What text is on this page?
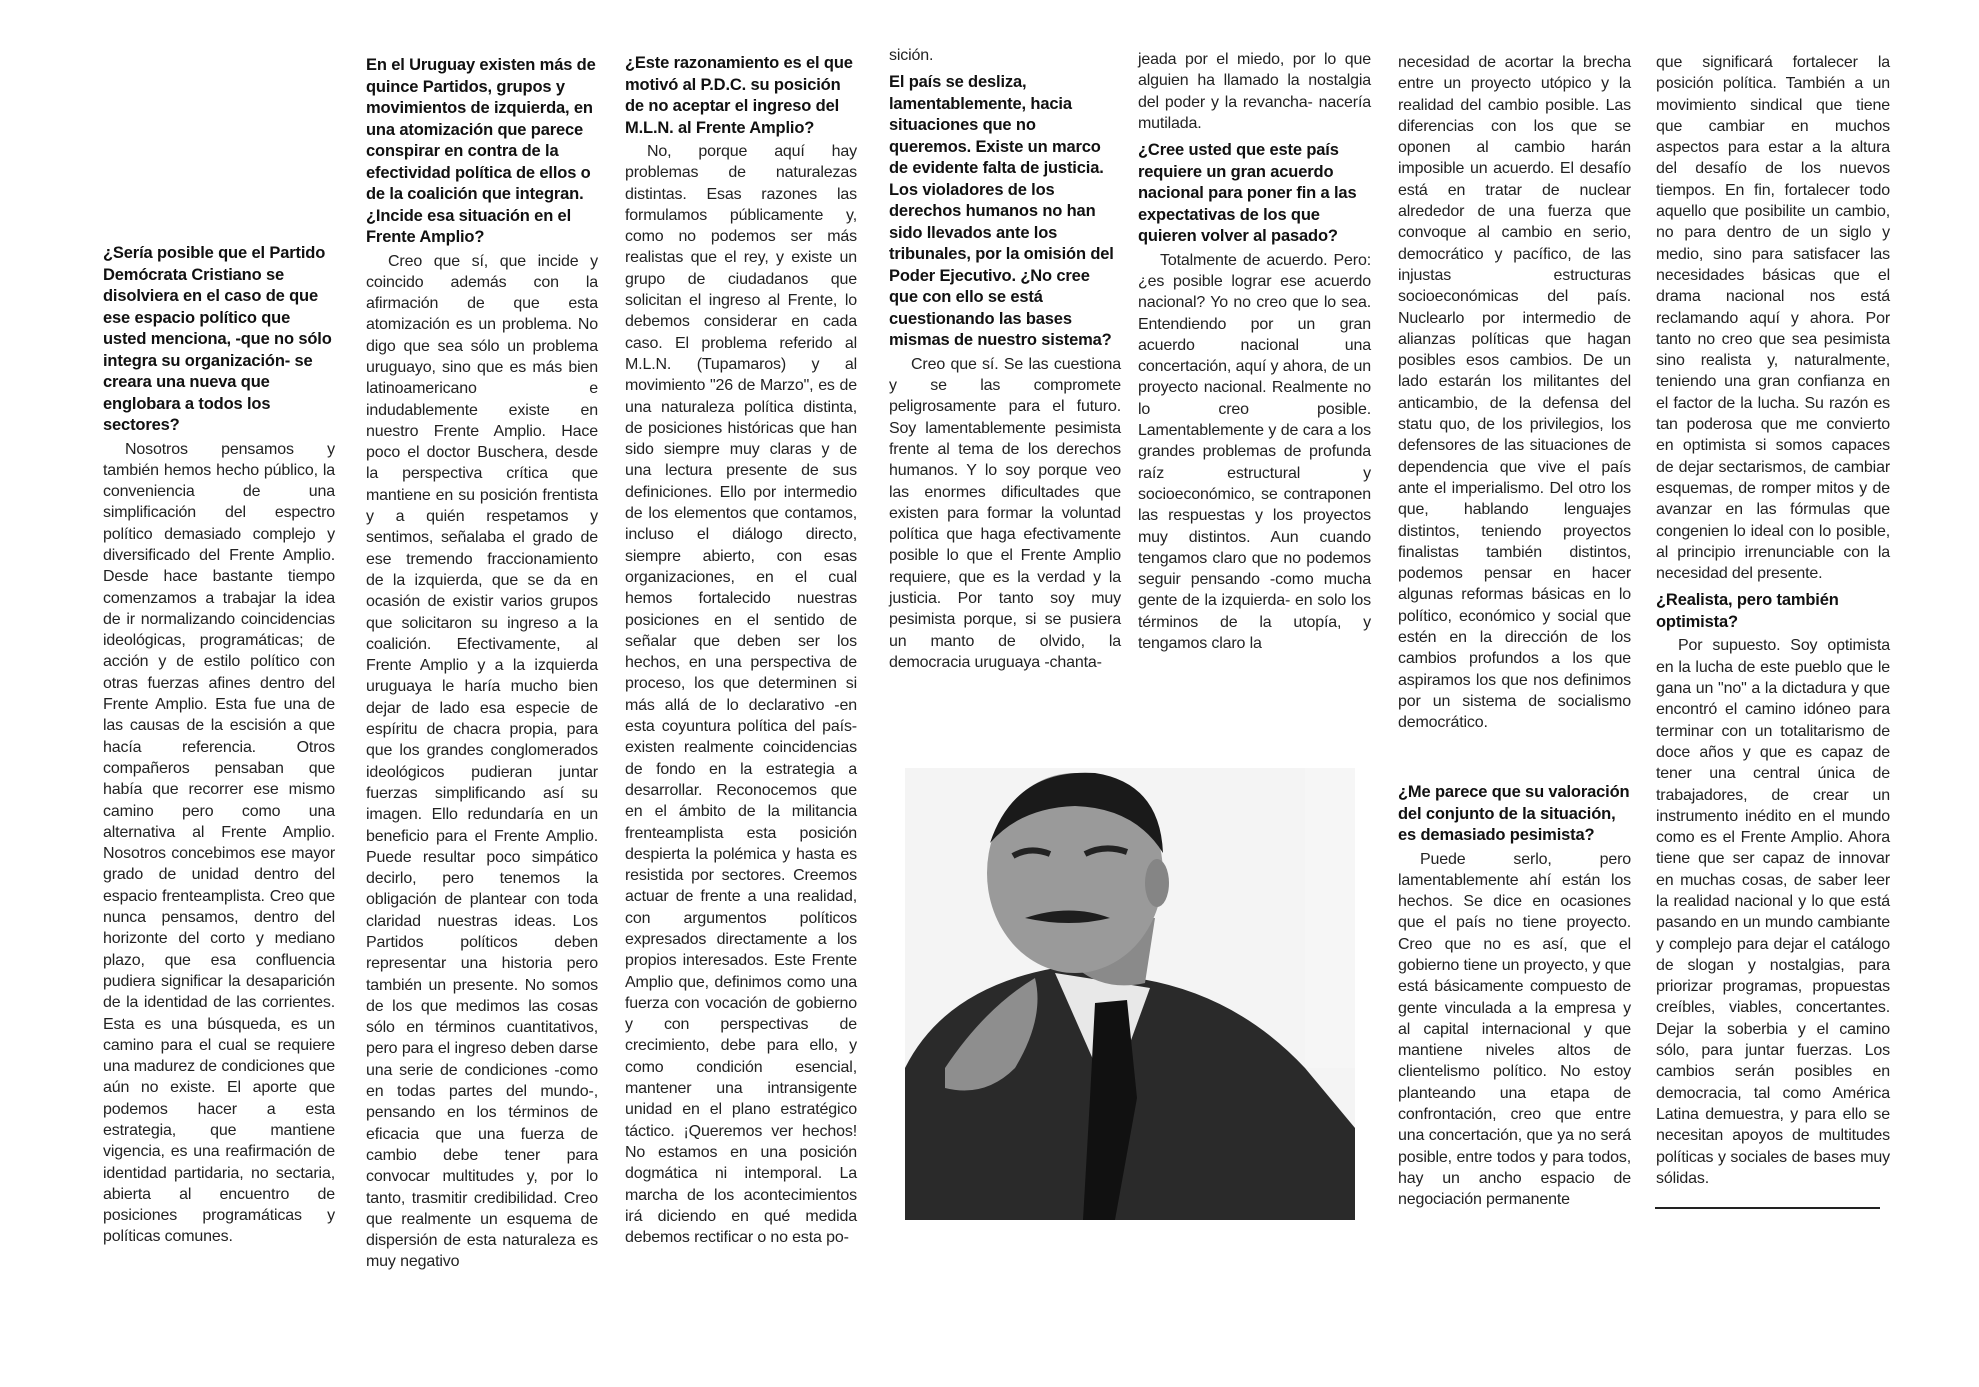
¿Sería posible que el Partido Demócrata Cristiano se disolviera en el caso de que ese espacio político que usted menciona, -que no sólo integra su organización- se creara una nueva que englobara a todos los sectores?

Nosotros pensamos y también hemos hecho público, la conveniencia de una simplificación del espectro político demasiado complejo y diversificado del Frente Amplio. Desde hace bastante tiempo comenzamos a trabajar la idea de ir normalizando coincidencias ideológicas, programáticas; de acción y de estilo político con otras fuerzas afines dentro del Frente Amplio. Esta fue una de las causas de la escisión a que hacía referencia. Otros compañeros pensaban que había que recorrer ese mismo camino pero como una alternativa al Frente Amplio. Nosotros concebimos ese mayor grado de unidad dentro del espacio frenteamplista. Creo que nunca pensamos, dentro del horizonte del corto y mediano plazo, que esa confluencia pudiera significar la desaparición de la identidad de las corrientes. Esta es una búsqueda, es un camino para el cual se requiere una madurez de condiciones que aún no existe. El aporte que podemos hacer a esta estrategia, que mantiene vigencia, es una reafirmación de identidad partidaria, no sectaria, abierta al encuentro de posiciones programáticas y políticas comunes.

En el Uruguay existen más de quince Partidos, grupos y movimientos de izquierda, en una atomización que parece conspirar en contra de la efectividad política de ellos o de la coalición que integran. ¿Incide esa situación en el Frente Amplio?

Creo que sí, que incide y coincido además con la afirmación de que esta atomización es un problema. No digo que sea sólo un problema uruguayo, sino que es más bien latinoamericano e indudablemente existe en nuestro Frente Amplio. Hace poco el doctor Buschera, desde la perspectiva crítica que mantiene en su posición frentista y a quién respetamos y sentimos, señalaba el grado de ese tremendo fraccionamiento de la izquierda, que se da en ocasión de existir varios grupos que solicitaron su ingreso a la coalición. Efectivamente, al Frente Amplio y a la izquierda uruguaya le haría mucho bien dejar de lado esa especie de espíritu de chacra propia, para que los grandes conglomerados ideológicos pudieran juntar fuerzas simplificando así su imagen. Ello redundaría en un beneficio para el Frente Amplio. Puede resultar poco simpático decirlo, pero tenemos la obligación de plantear con toda claridad nuestras ideas. Los Partidos políticos deben representar una historia pero también un presente. No somos de los que medimos las cosas sólo en términos cuantitativos, pero para el ingreso deben darse una serie de condiciones -como en todas partes del mundo-, pensando en los términos de eficacia que una fuerza de cambio debe tener para convocar multitudes y, por lo tanto, trasmitir credibilidad. Creo que realmente un esquema de dispersión de esta naturaleza es muy negativo

¿Este razonamiento es el que motivó al P.D.C. su posición de no aceptar el ingreso del M.L.N. al Frente Amplio?

No, porque aquí hay problemas de naturalezas distintas. Esas razones las formulamos públicamente y, como no podemos ser más realistas que el rey, y existe un grupo de ciudadanos que solicitan el ingreso al Frente, lo debemos considerar en cada caso. El problema referido al M.L.N. (Tupamaros) y al movimiento "26 de Marzo", es de una naturaleza política distinta, de posiciones históricas que han sido siempre muy claras y de una lectura presente de sus definiciones. Ello por intermedio de los elementos que contamos, incluso el diálogo directo, siempre abierto, con esas organizaciones, en el cual hemos fortalecido nuestras posiciones en el sentido de señalar que deben ser los hechos, en una perspectiva de proceso, los que determinen si más allá de lo declarativo -en esta coyuntura política del país- existen realmente coincidencias de fondo en la estrategia a desarrollar. Reconocemos que en el ámbito de la militancia frenteamplista esta posición despierta la polémica y hasta es resistida por sectores. Creemos actuar de frente a una realidad, con argumentos políticos expresados directamente a los propios interesados. Este Frente Amplio que, definimos como una fuerza con vocación de gobierno y con perspectivas de crecimiento, debe para ello, y como condición esencial, mantener una intransigente unidad en el plano estratégico táctico. ¡Queremos ver hechos! No estamos en una posición dogmática ni intemporal. La marcha de los acontecimientos irá diciendo en qué medida debemos rectificar o no esta po-

sición.

El país se desliza, lamentablemente, hacia situaciones que no queremos. Existe un marco de evidente falta de justicia. Los violadores de los derechos humanos no han sido llevados ante los tribunales, por la omisión del Poder Ejecutivo. ¿No cree que con ello se está cuestionando las bases mismas de nuestro sistema?

Creo que sí. Se las cuestiona y se las compromete peligrosamente para el futuro. Soy lamentablemente pesimista frente al tema de los derechos humanos. Y lo soy porque veo las enormes dificultades que existen para formar la voluntad política que haga efectivamente posible lo que el Frente Amplio requiere, que es la verdad y la justicia. Por tanto soy muy pesimista porque, si se pusiera un manto de olvido, la democracia uruguaya -chanta-

jeada por el miedo, por lo que alguien ha llamado la nostalgia del poder y la revancha- nacería mutilada.

¿Cree usted que este país requiere un gran acuerdo nacional para poner fin a las expectativas de los que quieren volver al pasado?

Totalmente de acuerdo. Pero: ¿es posible lograr ese acuerdo nacional? Yo no creo que lo sea. Entendiendo por un gran acuerdo nacional una concertación, aquí y ahora, de un proyecto nacional. Realmente no lo creo posible. Lamentablemente y de cara a los grandes problemas de profunda raíz estructural y socioeconómico, se contraponen las respuestas y los proyectos muy distintos. Aun cuando tengamos claro que no podemos seguir pensando -como mucha gente de la izquierda- en solo los términos de la utopía, y tengamos claro la

necesidad de acortar la brecha entre un proyecto utópico y la realidad del cambio posible. Las diferencias con los que se oponen al cambio harán imposible un acuerdo. El desafío está en tratar de nuclear alrededor de una fuerza que convoque al cambio en serio, democrático y pacífico, de las injustas estructuras socioeconómicas del país. Nuclearlo por intermedio de alianzas políticas que hagan posibles esos cambios. De un lado estarán los militantes del anticambio, de la defensa del statu quo, de los privilegios, los defensores de las situaciones de dependencia que vive el país ante el imperialismo. Del otro los que, hablando lenguajes distintos, teniendo proyectos finalistas también distintos, podemos pensar en hacer algunas reformas básicas en lo político, económico y social que estén en la dirección de los cambios profundos a los que aspiramos los que nos definimos por un sistema de socialismo democrático.

¿Me parece que su valoración del conjunto de la situación, es demasiado pesimista?

Puede serlo, pero lamentablemente ahí están los hechos. Se dice en ocasiones que el país no tiene proyecto. Creo que no es así, que el gobierno tiene un proyecto, y que está básicamente compuesto de gente vinculada a la empresa y al capital internacional y que mantiene niveles altos de clientelismo político. No estoy planteando una etapa de confrontación, creo que entre una concertación, que ya no será posible, entre todos y para todos, hay un ancho espacio de negociación permanente

que significará fortalecer la posición política. También a un movimiento sindical que tiene que cambiar en muchos aspectos para estar a la altura del desafío de los nuevos tiempos. En fin, fortalecer todo aquello que posibilite un cambio, no para dentro de un siglo y medio, sino para satisfacer las necesidades básicas que el drama nacional nos está reclamando aquí y ahora. Por tanto no creo que sea pesimista sino realista y, naturalmente, teniendo una gran confianza en el factor de la lucha. Su razón es tan poderosa que me convierto en optimista si somos capaces de dejar sectarismos, de cambiar esquemas, de romper mitos y de avanzar en las fórmulas que congenien lo ideal con lo posible, al principio irrenunciable con la necesidad del presente.

¿Realista, pero también optimista?

Por supuesto. Soy optimista en la lucha de este pueblo que le gana un "no" a la dictadura y que encontró el camino idóneo para terminar con un totalitarismo de doce años y que es capaz de tener una central única de trabajadores, de crear un instrumento inédito en el mundo como es el Frente Amplio. Ahora tiene que ser capaz de innovar en muchas cosas, de saber leer la realidad nacional y lo que está pasando en un mundo cambiante y complejo para dejar el catálogo de slogan y nostalgias, para priorizar programas, propuestas creíbles, viables, concertantes. Dejar la soberbia y el camino sólo, para juntar fuerzas. Los cambios serán posibles en democracia, tal como América Latina demuestra, y para ello se necesitan apoyos de multitudes políticas y sociales de bases muy sólidas.
